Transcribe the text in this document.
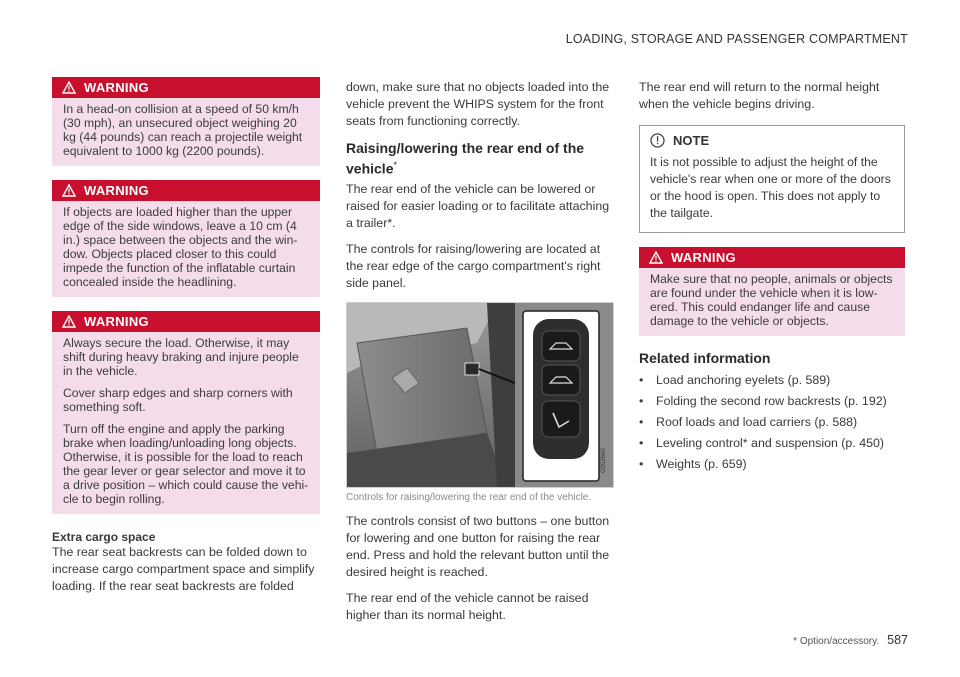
LOADING, STORAGE AND PASSENGER COMPARTMENT
WARNING
In a head-on collision at a speed of 50 km/h (30 mph), an unsecured object weighing 20 kg (44 pounds) can reach a projectile weight equivalent to 1000 kg (2200 pounds).
WARNING
If objects are loaded higher than the upper edge of the side windows, leave a 10 cm (4 in.) space between the objects and the win-dow. Objects placed closer to this could impede the function of the inflatable curtain concealed inside the headlining.
WARNING

Always secure the load. Otherwise, it may shift during heavy braking and injure people in the vehicle.

Cover sharp edges and sharp corners with something soft.

Turn off the engine and apply the parking brake when loading/unloading long objects. Otherwise, it is possible for the load to reach the gear lever or gear selector and move it to a drive position – which could cause the vehi-cle to begin rolling.

Extra cargo space
The rear seat backrests can be folded down to increase cargo compartment space and simplify loading. If the rear seat backrests are folded
down, make sure that no objects loaded into the vehicle prevent the WHIPS system for the front seats from functioning correctly.
Raising/lowering the rear end of the vehicle*
The rear end of the vehicle can be lowered or raised for easier loading or to facilitate attaching a trailer*.
The controls for raising/lowering are located at the rear edge of the cargo compartment's right side panel.
G052660
Controls for raising/lowering the rear end of the vehicle.
The controls consist of two buttons – one button for lowering and one button for raising the rear end. Press and hold the relevant button until the desired height is reached.
The rear end of the vehicle cannot be raised higher than its normal height.
The rear end will return to the normal height when the vehicle begins driving.
NOTE
It is not possible to adjust the height of the vehicle's rear when one or more of the doors or the hood is open. This does not apply to the tailgate.
WARNING
Make sure that no people, animals or objects are found under the vehicle when it is low-ered. This could endanger life and cause damage to the vehicle or objects.
Related information
• Load anchoring eyelets (p. 589)
• Folding the second row backrests (p. 192)
• Roof loads and load carriers (p. 588)
• Leveling control* and suspension (p. 450)
• Weights (p. 659)
* Option/accessory. 587
